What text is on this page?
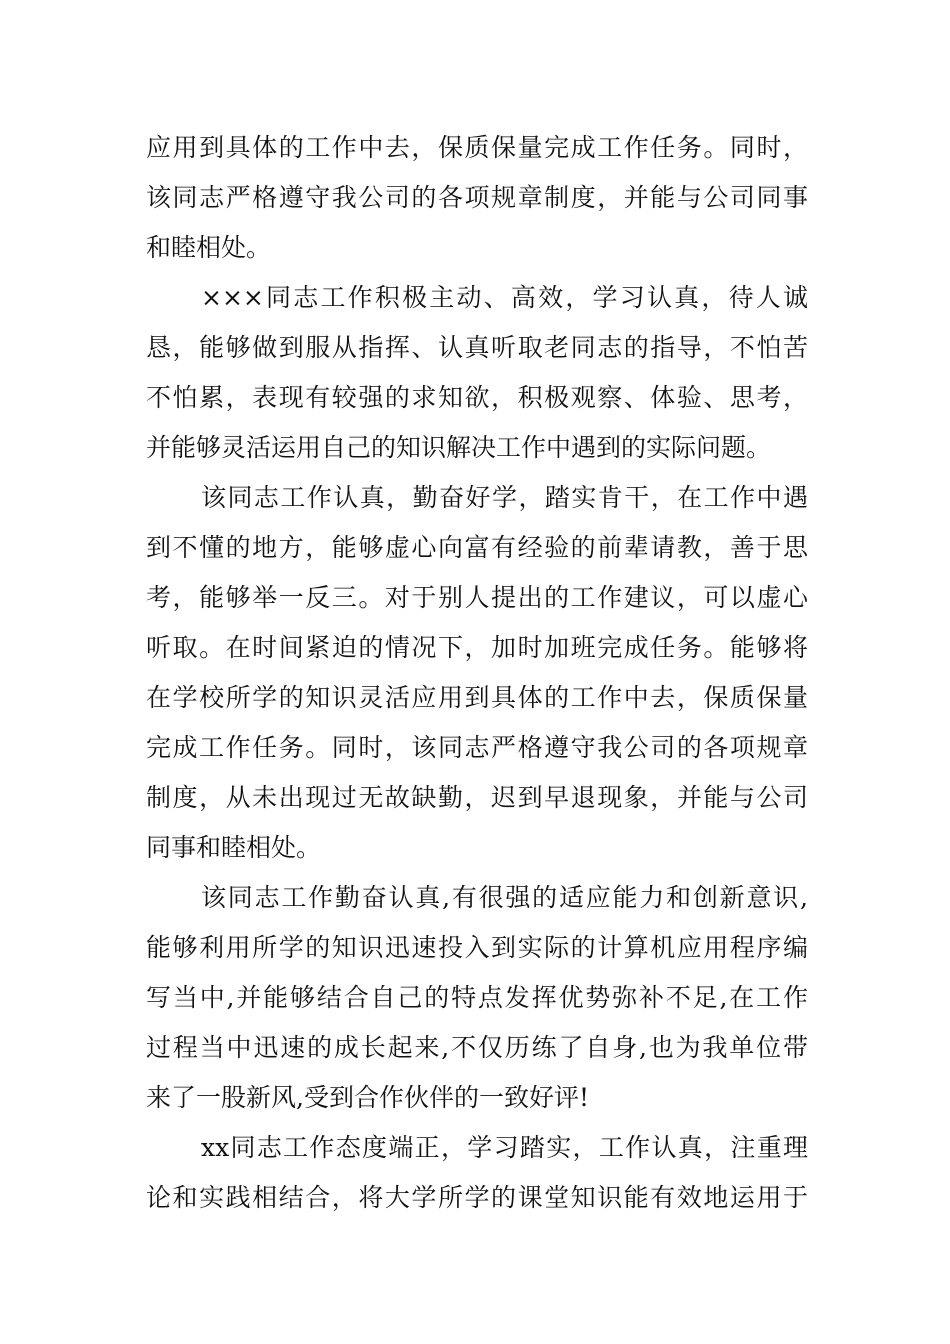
应用到具体的工作中去，保质保量完成工作任务。同时，
该同志严格遵守我公司的各项规章制度，并能与公司同事
和睦相处。
×××同志工作积极主动、高效，学习认真，待人诚
恳，能够做到服从指挥、认真听取老同志的指导，不怕苦
不怕累，表现有较强的求知欲，积极观察、体验、思考，
并能够灵活运用自己的知识解决工作中遇到的实际问题。
该同志工作认真，勤奋好学，踏实肯干，在工作中遇
到不懂的地方，能够虚心向富有经验的前辈请教，善于思
考，能够举一反三。对于别人提出的工作建议，可以虚心
听取。在时间紧迫的情况下，加时加班完成任务。能够将
在学校所学的知识灵活应用到具体的工作中去，保质保量
完成工作任务。同时，该同志严格遵守我公司的各项规章
制度，从未出现过无故缺勤，迟到早退现象，并能与公司
同事和睦相处。
该同志工作勤奋认真,有很强的适应能力和创新意识,
能够利用所学的知识迅速投入到实际的计算机应用程序编
写当中,并能够结合自己的特点发挥优势弥补不足,在工作
过程当中迅速的成长起来,不仅历练了自身,也为我单位带
来了一股新风,受到合作伙伴的一致好评!
xx同志工作态度端正，学习踏实，工作认真，注重理
论和实践相结合，将大学所学的课堂知识能有效地运用于
